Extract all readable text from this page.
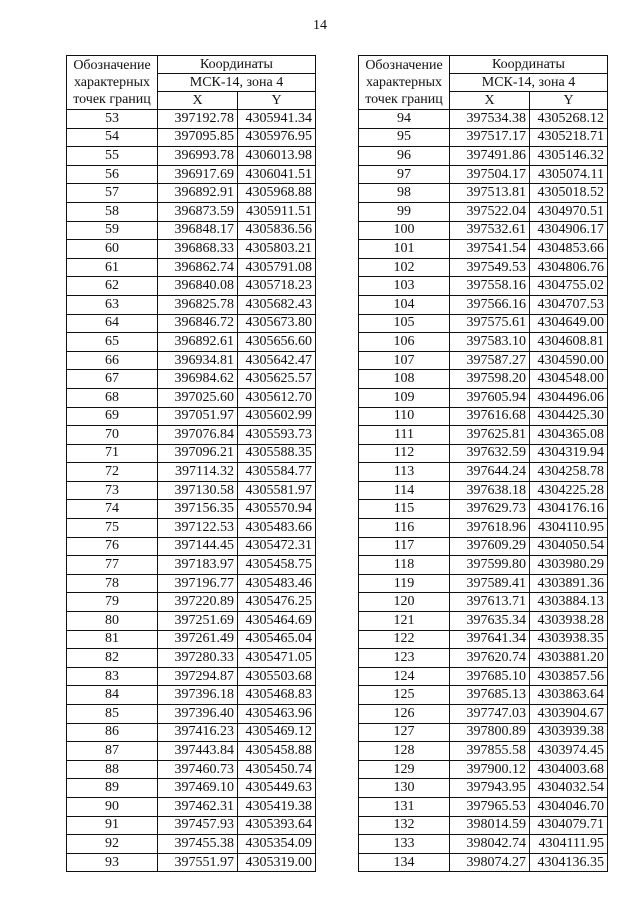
14
Обозначение
характерных
точек границ	Координаты	
	МСК-14, зона 4	
	X	Y
53	397192.78	4305941.34
54	397095.85	4305976.95
55	396993.78	4306013.98
56	396917.69	4306041.51
57	396892.91	4305968.88
58	396873.59	4305911.51
59	396848.17	4305836.56
60	396868.33	4305803.21
61	396862.74	4305791.08
62	396840.08	4305718.23
63	396825.78	4305682.43
64	396846.72	4305673.80
65	396892.61	4305656.60
66	396934.81	4305642.47
67	396984.62	4305625.57
68	397025.60	4305612.70
69	397051.97	4305602.99
70	397076.84	4305593.73
71	397096.21	4305588.35
72	397114.32	4305584.77
73	397130.58	4305581.97
74	397156.35	4305570.94
75	397122.53	4305483.66
76	397144.45	4305472.31
77	397183.97	4305458.75
78	397196.77	4305483.46
79	397220.89	4305476.25
80	397251.69	4305464.69
81	397261.49	4305465.04
82	397280.33	4305471.05
83	397294.87	4305503.68
84	397396.18	4305468.83
85	397396.40	4305463.96
86	397416.23	4305469.12
87	397443.84	4305458.88
88	397460.73	4305450.74
89	397469.10	4305449.63
90	397462.31	4305419.38
91	397457.93	4305393.64
92	397455.38	4305354.09
93	397551.97	4305319.00
Обозначение
характерных
точек границ	Координаты	
	МСК-14, зона 4	
	X	Y
94	397534.38	4305268.12
95	397517.17	4305218.71
96	397491.86	4305146.32
97	397504.17	4305074.11
98	397513.81	4305018.52
99	397522.04	4304970.51
100	397532.61	4304906.17
101	397541.54	4304853.66
102	397549.53	4304806.76
103	397558.16	4304755.02
104	397566.16	4304707.53
105	397575.61	4304649.00
106	397583.10	4304608.81
107	397587.27	4304590.00
108	397598.20	4304548.00
109	397605.94	4304496.06
110	397616.68	4304425.30
111	397625.81	4304365.08
112	397632.59	4304319.94
113	397644.24	4304258.78
114	397638.18	4304225.28
115	397629.73	4304176.16
116	397618.96	4304110.95
117	397609.29	4304050.54
118	397599.80	4303980.29
119	397589.41	4303891.36
120	397613.71	4303884.13
121	397635.34	4303938.28
122	397641.34	4303938.35
123	397620.74	4303881.20
124	397685.10	4303857.56
125	397685.13	4303863.64
126	397747.03	4303904.67
127	397800.89	4303939.38
128	397855.58	4303974.45
129	397900.12	4304003.68
130	397943.95	4304032.54
131	397965.53	4304046.70
132	398014.59	4304079.71
133	398042.74	4304111.95
134	398074.27	4304136.35
